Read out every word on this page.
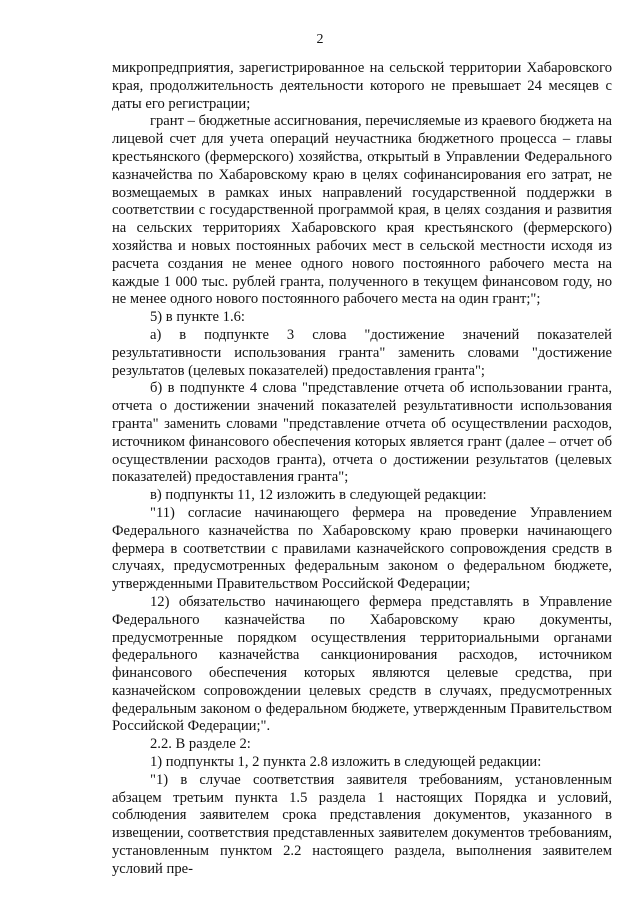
2

микропредприятия, зарегистрированное на сельской территории Хабаровского края, продолжительность деятельности которого не превышает 24 месяцев с даты его регистрации;

грант – бюджетные ассигнования, перечисляемые из краевого бюджета на лицевой счет для учета операций неучастника бюджетного процесса – главы крестьянского (фермерского) хозяйства, открытый в Управлении Федерального казначейства по Хабаровскому краю в целях софинансирования его затрат, не возмещаемых в рамках иных направлений государственной поддержки в соответствии с государственной программой края, в целях создания и развития на сельских территориях Хабаровского края крестьянского (фермерского) хозяйства и новых постоянных рабочих мест в сельской местности исходя из расчета создания не менее одного нового постоянного рабочего места на каждые 1 000 тыс. рублей гранта, полученного в текущем финансовом году, но не менее одного нового постоянного рабочего места на один грант;";

5) в пункте 1.6:

а) в подпункте 3 слова "достижение значений показателей результативности использования гранта" заменить словами "достижение результатов (целевых показателей) предоставления гранта";

б) в подпункте 4 слова "представление отчета об использовании гранта, отчета о достижении значений показателей результативности использования гранта" заменить словами "представление отчета об осуществлении расходов, источником финансового обеспечения которых является грант (далее – отчет об осуществлении расходов гранта), отчета о достижении результатов (целевых показателей) предоставления гранта";

в) подпункты 11, 12 изложить в следующей редакции:

"11) согласие начинающего фермера на проведение Управлением Федерального казначейства по Хабаровскому краю проверки начинающего фермера в соответствии с правилами казначейского сопровождения средств в случаях, предусмотренных федеральным законом о федеральном бюджете, утвержденными Правительством Российской Федерации;

12) обязательство начинающего фермера представлять в Управление Федерального казначейства по Хабаровскому краю документы, предусмотренные порядком осуществления территориальными органами федерального казначейства санкционирования расходов, источником финансового обеспечения которых являются целевые средства, при казначейском сопровождении целевых средств в случаях, предусмотренных федеральным законом о федеральном бюджете, утвержденным Правительством Российской Федерации;".

2.2. В разделе 2:

1) подпункты 1, 2 пункта 2.8 изложить в следующей редакции:

"1) в случае соответствия заявителя требованиям, установленным абзацем третьим пункта 1.5 раздела 1 настоящих Порядка и условий, соблюдения заявителем срока представления документов, указанного в извещении, соответствия представленных заявителем документов требованиям, установленным пунктом 2.2 настоящего раздела, выполнения заявителем условий пре-
